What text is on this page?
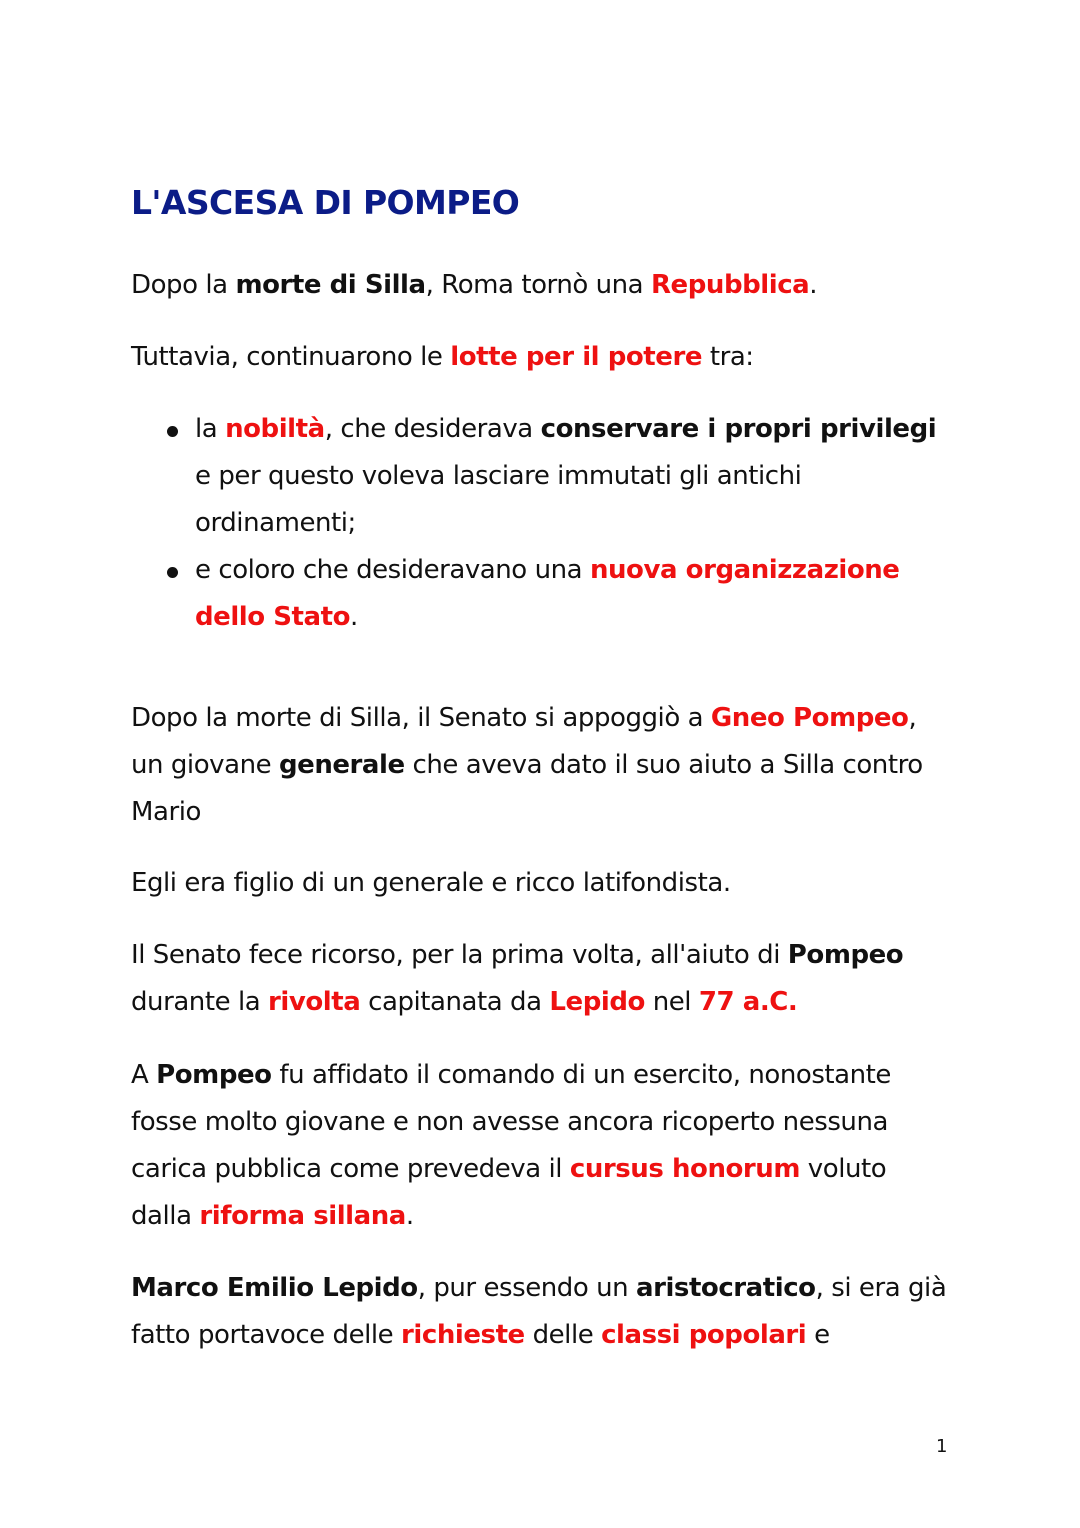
L'ASCESA DI POMPEO

Dopo la morte di Silla, Roma tornò una Repubblica.

Tuttavia, continuarono le lotte per il potere tra:

la nobiltà, che desiderava conservare i propri privilegi e per questo voleva lasciare immutati gli antichi ordinamenti;
e coloro che desideravano una nuova organizzazione dello Stato.

Dopo la morte di Silla, il Senato si appoggiò a Gneo Pompeo, un giovane generale che aveva dato il suo aiuto a Silla contro Mario

Egli era figlio di un generale e ricco latifondista.

Il Senato fece ricorso, per la prima volta, all'aiuto di Pompeo durante la rivolta capitanata da Lepido nel 77 a.C.

A Pompeo fu affidato il comando di un esercito, nonostante fosse molto giovane e non avesse ancora ricoperto nessuna carica pubblica come prevedeva il cursus honorum voluto dalla riforma sillana.

Marco Emilio Lepido, pur essendo un aristocratico, si era già fatto portavoce delle richieste delle classi popolari e

1
